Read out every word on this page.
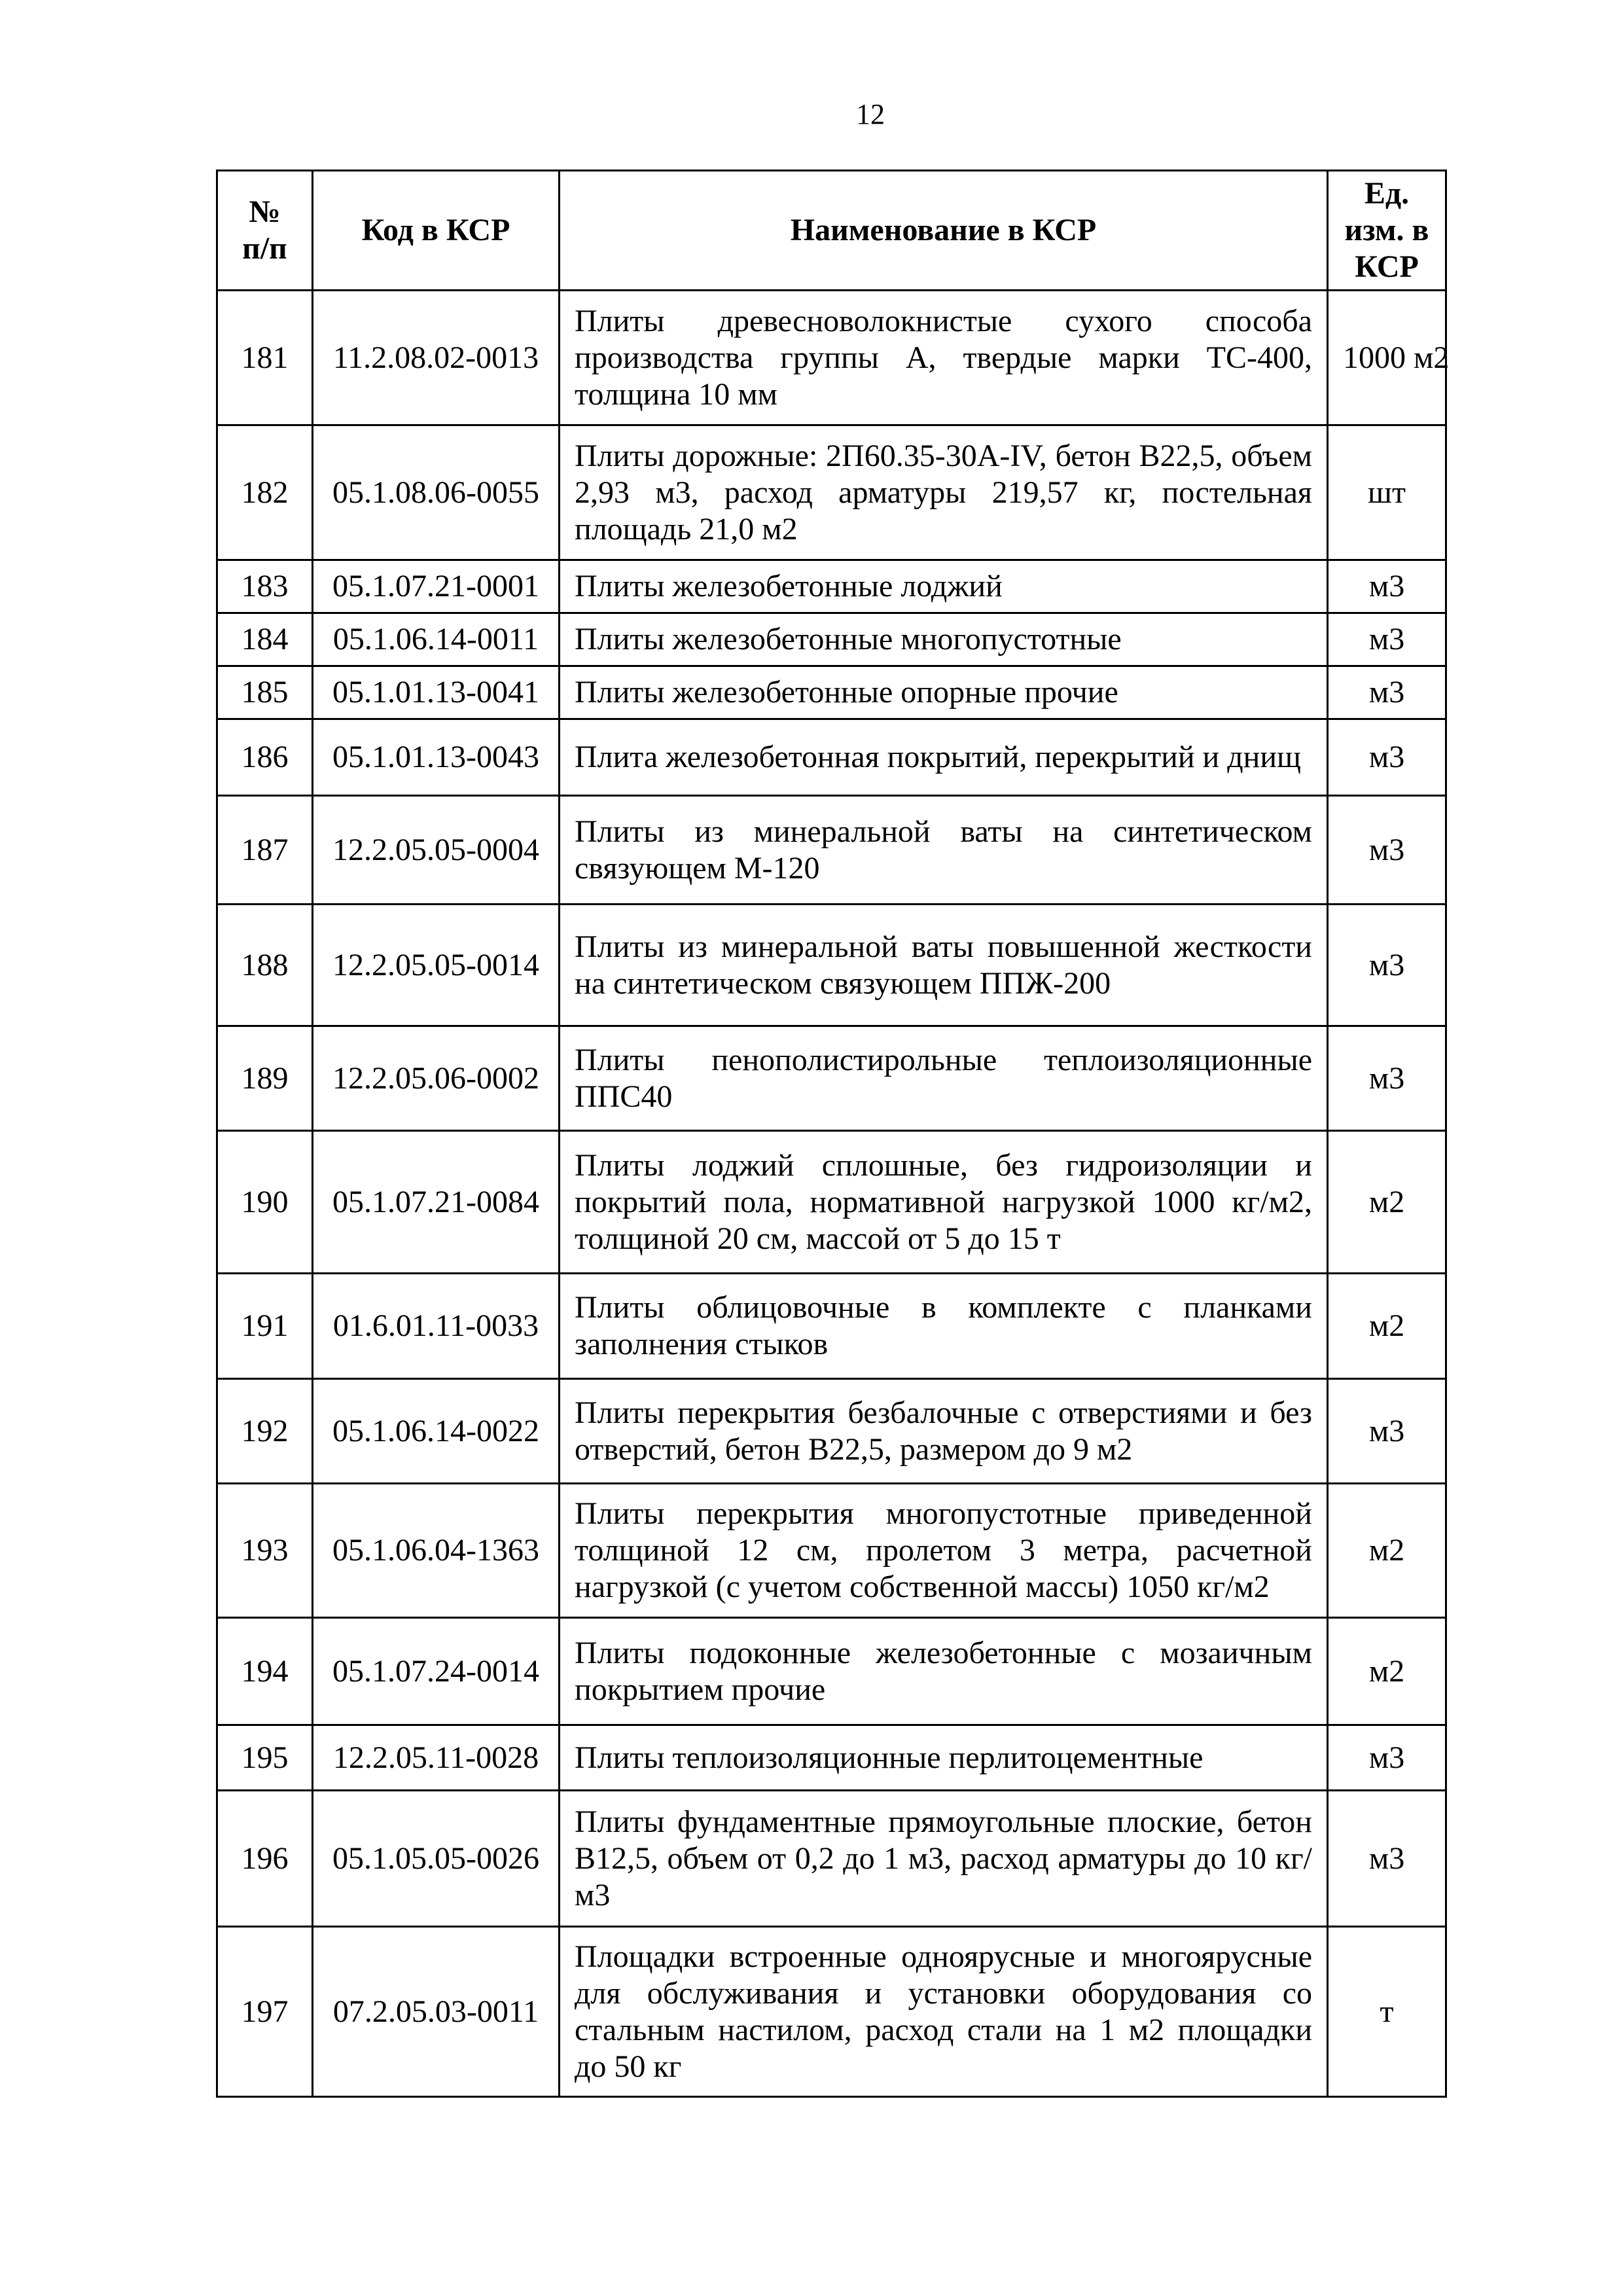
12
№ п/п	Код в КСР	Наименование в КСР	Ед. изм. в КСР
181	11.2.08.02-0013	Плиты древесноволокнистые сухого способа производства группы А, твердые марки ТС-400, толщина 10 мм	1000 м2
182	05.1.08.06-0055	Плиты дорожные: 2П60.35-30А-IV, бетон В22,5, объем 2,93 м3, расход арматуры 219,57 кг, постельная площадь 21,0 м2	шт
183	05.1.07.21-0001	Плиты железобетонные лоджий	м3
184	05.1.06.14-0011	Плиты железобетонные многопустотные	м3
185	05.1.01.13-0041	Плиты железобетонные опорные прочие	м3
186	05.1.01.13-0043	Плита железобетонная покрытий, перекрытий и днищ	м3
187	12.2.05.05-0004	Плиты из минеральной ваты на синтетическом связующем М-120	м3
188	12.2.05.05-0014	Плиты из минеральной ваты повышенной жесткости на синтетическом связующем ППЖ-200	м3
189	12.2.05.06-0002	Плиты пенополистирольные теплоизоляционные ППС40	м3
190	05.1.07.21-0084	Плиты лоджий сплошные, без гидроизоляции и покрытий пола, нормативной нагрузкой 1000 кг/м2, толщиной 20 см, массой от 5 до 15 т	м2
191	01.6.01.11-0033	Плиты облицовочные в комплекте с планками заполнения стыков	м2
192	05.1.06.14-0022	Плиты перекрытия безбалочные с отверстиями и без отверстий, бетон В22,5, размером до 9 м2	м3
193	05.1.06.04-1363	Плиты перекрытия многопустотные приведенной толщиной 12 см, пролетом 3 метра, расчетной нагрузкой (с учетом собственной массы) 1050 кг/м2	м2
194	05.1.07.24-0014	Плиты подоконные железобетонные с мозаичным покрытием прочие	м2
195	12.2.05.11-0028	Плиты теплоизоляционные перлитоцементные	м3
196	05.1.05.05-0026	Плиты фундаментные прямоугольные плоские, бетон В12,5, объем от 0,2 до 1 м3, расход арматуры до 10 кг/м3	м3
197	07.2.05.03-0011	Площадки встроенные одноярусные и многоярусные для обслуживания и установки оборудования со стальным настилом, расход стали на 1 м2 площадки до 50 кг	т
